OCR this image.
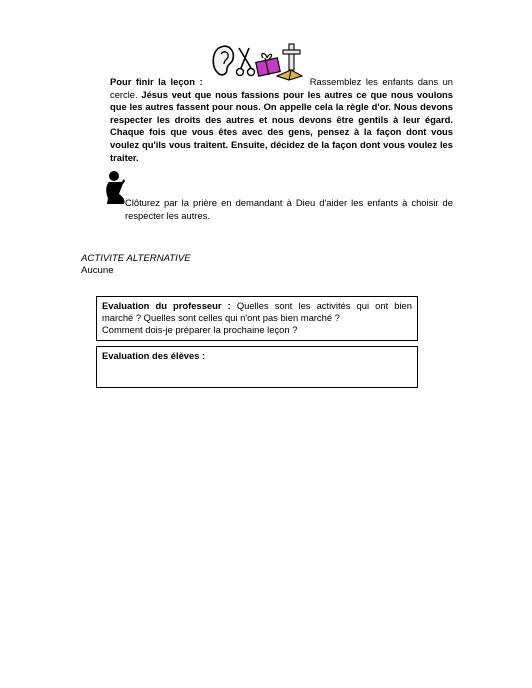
Pour finir la leçon :	Rassemblez les enfants dans un cercle. Jésus veut que nous fassions pour les autres ce que nous voulons que les autres fassent pour nous. On appelle cela la règle d'or. Nous devons respecter les droits des autres et nous devons être gentils à leur égard. Chaque fois que vous êtes avec des gens, pensez à la façon dont vous voulez qu'ils vous traitent. Ensuite, décidez de la façon dont vous voulez les traiter.
Clôturez par la prière en demandant à Dieu d'aider les enfants à choisir de respecter les autres.
ACTIVITE ALTERNATIVE
Aucune
Evaluation du professeur : Quelles sont les activités qui ont bien
marché ? Quelles sont celles qui n'ont pas bien marché ?
Comment dois-je préparer la prochaine leçon ?
Evaluation des élèves :
